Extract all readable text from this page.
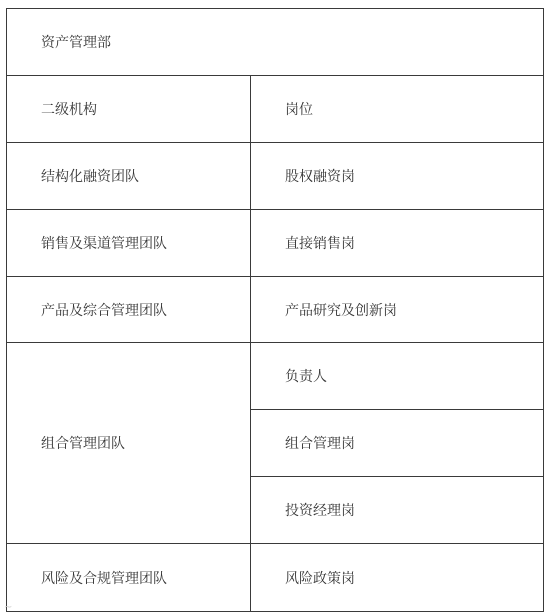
资产管理部	
二级机构	岗位
结构化融资团队	股权融资岗
销售及渠道管理团队	直接销售岗
产品及综合管理团队	产品研究及创新岗
组合管理团队	负责人
	组合管理岗
	投资经理岗
风险及合规管理团队	风险政策岗
~
